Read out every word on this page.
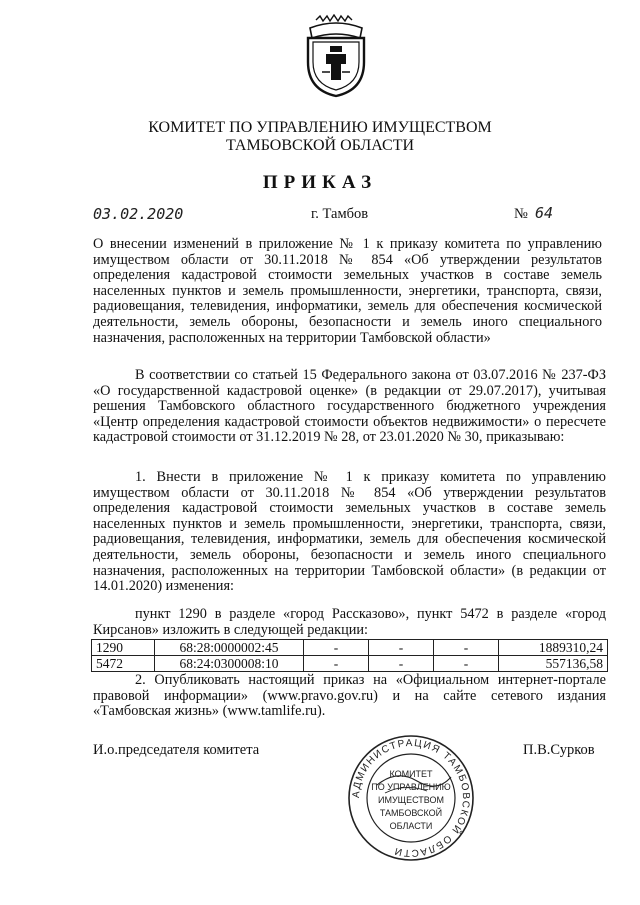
КОМИТЕТ ПО УПРАВЛЕНИЮ ИМУЩЕСТВОМ
ТАМБОВСКОЙ ОБЛАСТИ
ПРИКАЗ
03.02.2020	г. Тамбов	№ 64
О внесении изменений в приложение № 1 к приказу комитета по управлению имуществом области от 30.11.2018 № 854 «Об утверждении результатов определения кадастровой стоимости земельных участков в составе земель населенных пунктов и земель промышленности, энергетики, транспорта, связи, радиовещания, телевидения, информатики, земель для обеспечения космической деятельности, земель обороны, безопасности и земель иного специального назначения, расположенных на территории Тамбовской области»
В соответствии со статьей 15 Федерального закона от 03.07.2016 № 237-ФЗ «О государственной кадастровой оценке» (в редакции от 29.07.2017), учитывая решения Тамбовского областного государственного бюджетного учреждения «Центр определения кадастровой стоимости объектов недвижимости» о пересчете кадастровой стоимости от 31.12.2019 № 28, от 23.01.2020 № 30, приказываю:
1. Внести в приложение № 1 к приказу комитета по управлению имуществом области от 30.11.2018 № 854 «Об утверждении результатов определения кадастровой стоимости земельных участков в составе земель населенных пунктов и земель промышленности, энергетики, транспорта, связи, радиовещания, телевидения, информатики, земель для обеспечения космической деятельности, земель обороны, безопасности и земель иного специального назначения, расположенных на территории Тамбовской области» (в редакции от 14.01.2020) изменения:
пункт 1290 в разделе «город Рассказово», пункт 5472 в разделе «город Кирсанов» изложить в следующей редакции:
1290	68:28:0000002:45	-	-	-	1889310,24
5472	68:24:0300008:10	-	-	-	557136,58
2. Опубликовать настоящий приказ на «Официальном интернет-портале правовой информации» (www.pravo.gov.ru) и на сайте сетевого издания «Тамбовская жизнь» (www.tamlife.ru).
И.о.председателя комитета	П.В.Сурков
АДМИНИСТРАЦИЯ ТАМБОВСКОЙ ОБЛАСТИ
КОМИТЕТ
ПО УПРАВЛЕНИЮ
ИМУЩЕСТВОМ
ТАМБОВСКОЙ
ОБЛАСТИ
